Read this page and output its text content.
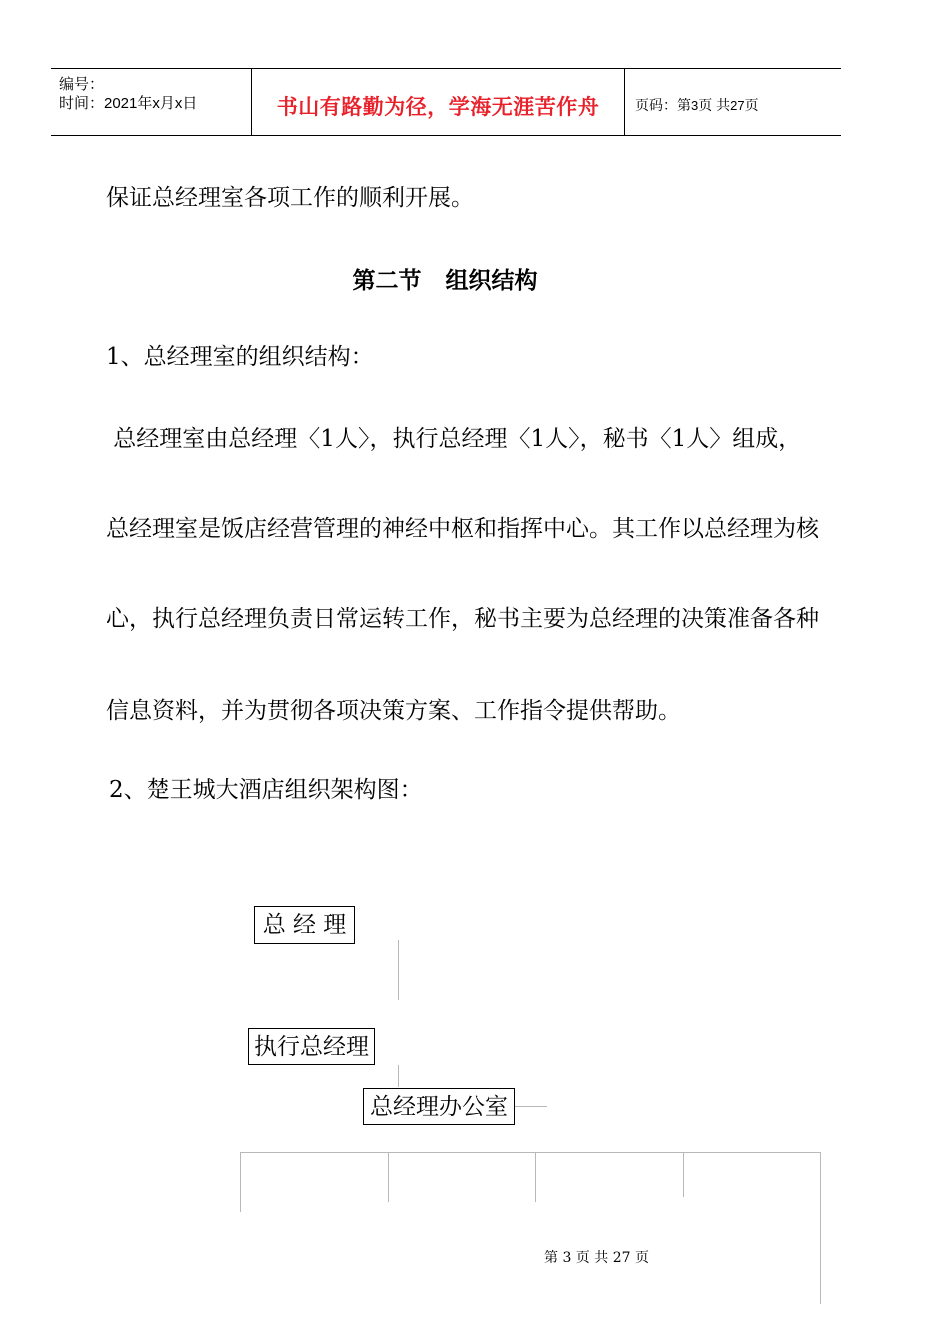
编号：
时间：2021年x月x日	书山有路勤为径，学海无涯苦作舟	页码：第3页 共27页
保证总经理室各项工作的顺利开展。
第二节   组织结构
1、总经理室的组织结构：
总经理室由总经理〈1人〉，执行总经理〈1人〉，秘书〈1人〉组成，
总经理室是饭店经营管理的神经中枢和指挥中心。其工作以总经理为核
心，执行总经理负责日常运转工作，秘书主要为总经理的决策准备各种
信息资料，并为贯彻各项决策方案、工作指令提供帮助。
2、楚王城大酒店组织架构图：
总 经 理
执行总经理
总经理办公室

第 3 页 共 27 页
